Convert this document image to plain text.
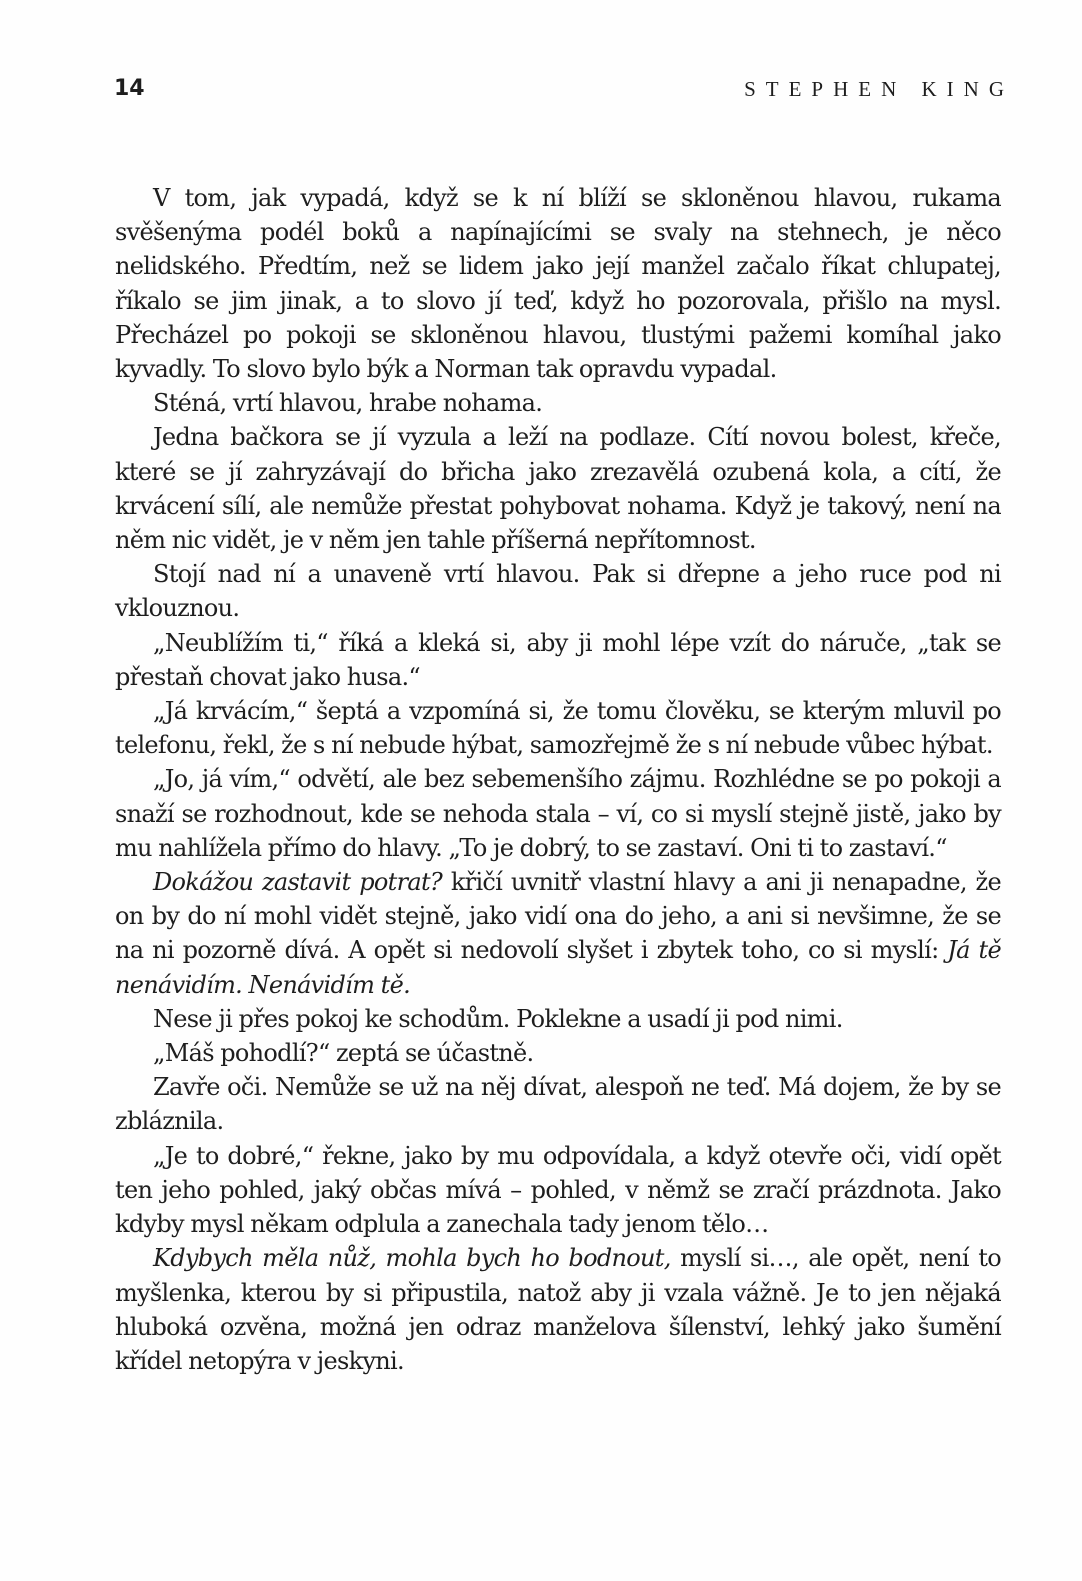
14	STEPHEN KING

V tom, jak vypadá, když se k ní blíží se skloněnou hlavou, rukama svěšenýma podél boků a napínajícími se svaly na stehnech, je něco nelidského. Předtím, než se lidem jako její manžel začalo říkat chlupatej, říkalo se jim jinak, a to slovo jí teď, když ho pozorovala, přišlo na mysl. Přecházel po pokoji se skloněnou hlavou, tlustými pažemi komíhal jako kyvadly. To slovo bylo býk a Norman tak opravdu vypadal.

Sténá, vrtí hlavou, hrabe nohama.

Jedna bačkora se jí vyzula a leží na podlaze. Cítí novou bolest, křeče, které se jí zahryzávají do břicha jako zrezavělá ozubená kola, a cítí, že krvácení sílí, ale nemůže přestat pohybovat nohama. Když je takový, není na něm nic vidět, je v něm jen tahle příšerná nepřítomnost.

Stojí nad ní a unaveně vrtí hlavou. Pak si dřepne a jeho ruce pod ni vklouznou.

„Neublížím ti,“ říká a kleká si, aby ji mohl lépe vzít do náruče, „tak se přestaň chovat jako husa.“

„Já krvácím,“ šeptá a vzpomíná si, že tomu člověku, se kterým mluvil po telefonu, řekl, že s ní nebude hýbat, samozřejmě že s ní nebude vůbec hýbat.

„Jo, já vím,“ odvětí, ale bez sebemenšího zájmu. Rozhlédne se po pokoji a snaží se rozhodnout, kde se nehoda stala – ví, co si myslí stejně jistě, jako by mu nahlížela přímo do hlavy. „To je dobrý, to se zastaví. Oni ti to zastaví.“

Dokážou zastavit potrat? křičí uvnitř vlastní hlavy a ani ji nenapadne, že on by do ní mohl vidět stejně, jako vidí ona do jeho, a ani si nevšimne, že se na ni pozorně dívá. A opět si nedovolí slyšet i zbytek toho, co si myslí: Já tě nenávidím. Nenávidím tě.

Nese ji přes pokoj ke schodům. Poklekne a usadí ji pod nimi.

„Máš pohodlí?“ zeptá se účastně.

Zavře oči. Nemůže se už na něj dívat, alespoň ne teď. Má dojem, že by se zbláznila.

„Je to dobré,“ řekne, jako by mu odpovídala, a když otevře oči, vidí opět ten jeho pohled, jaký občas mívá – pohled, v němž se zračí prázdnota. Jako kdyby mysl někam odplula a zanechala tady jenom tělo…

Kdybych měla nůž, mohla bych ho bodnout, myslí si…, ale opět, není to myšlenka, kterou by si připustila, natož aby ji vzala vážně. Je to jen nějaká hluboká ozvěna, možná jen odraz manželova šílenství, lehký jako šumění křídel netopýra v jeskyni.
